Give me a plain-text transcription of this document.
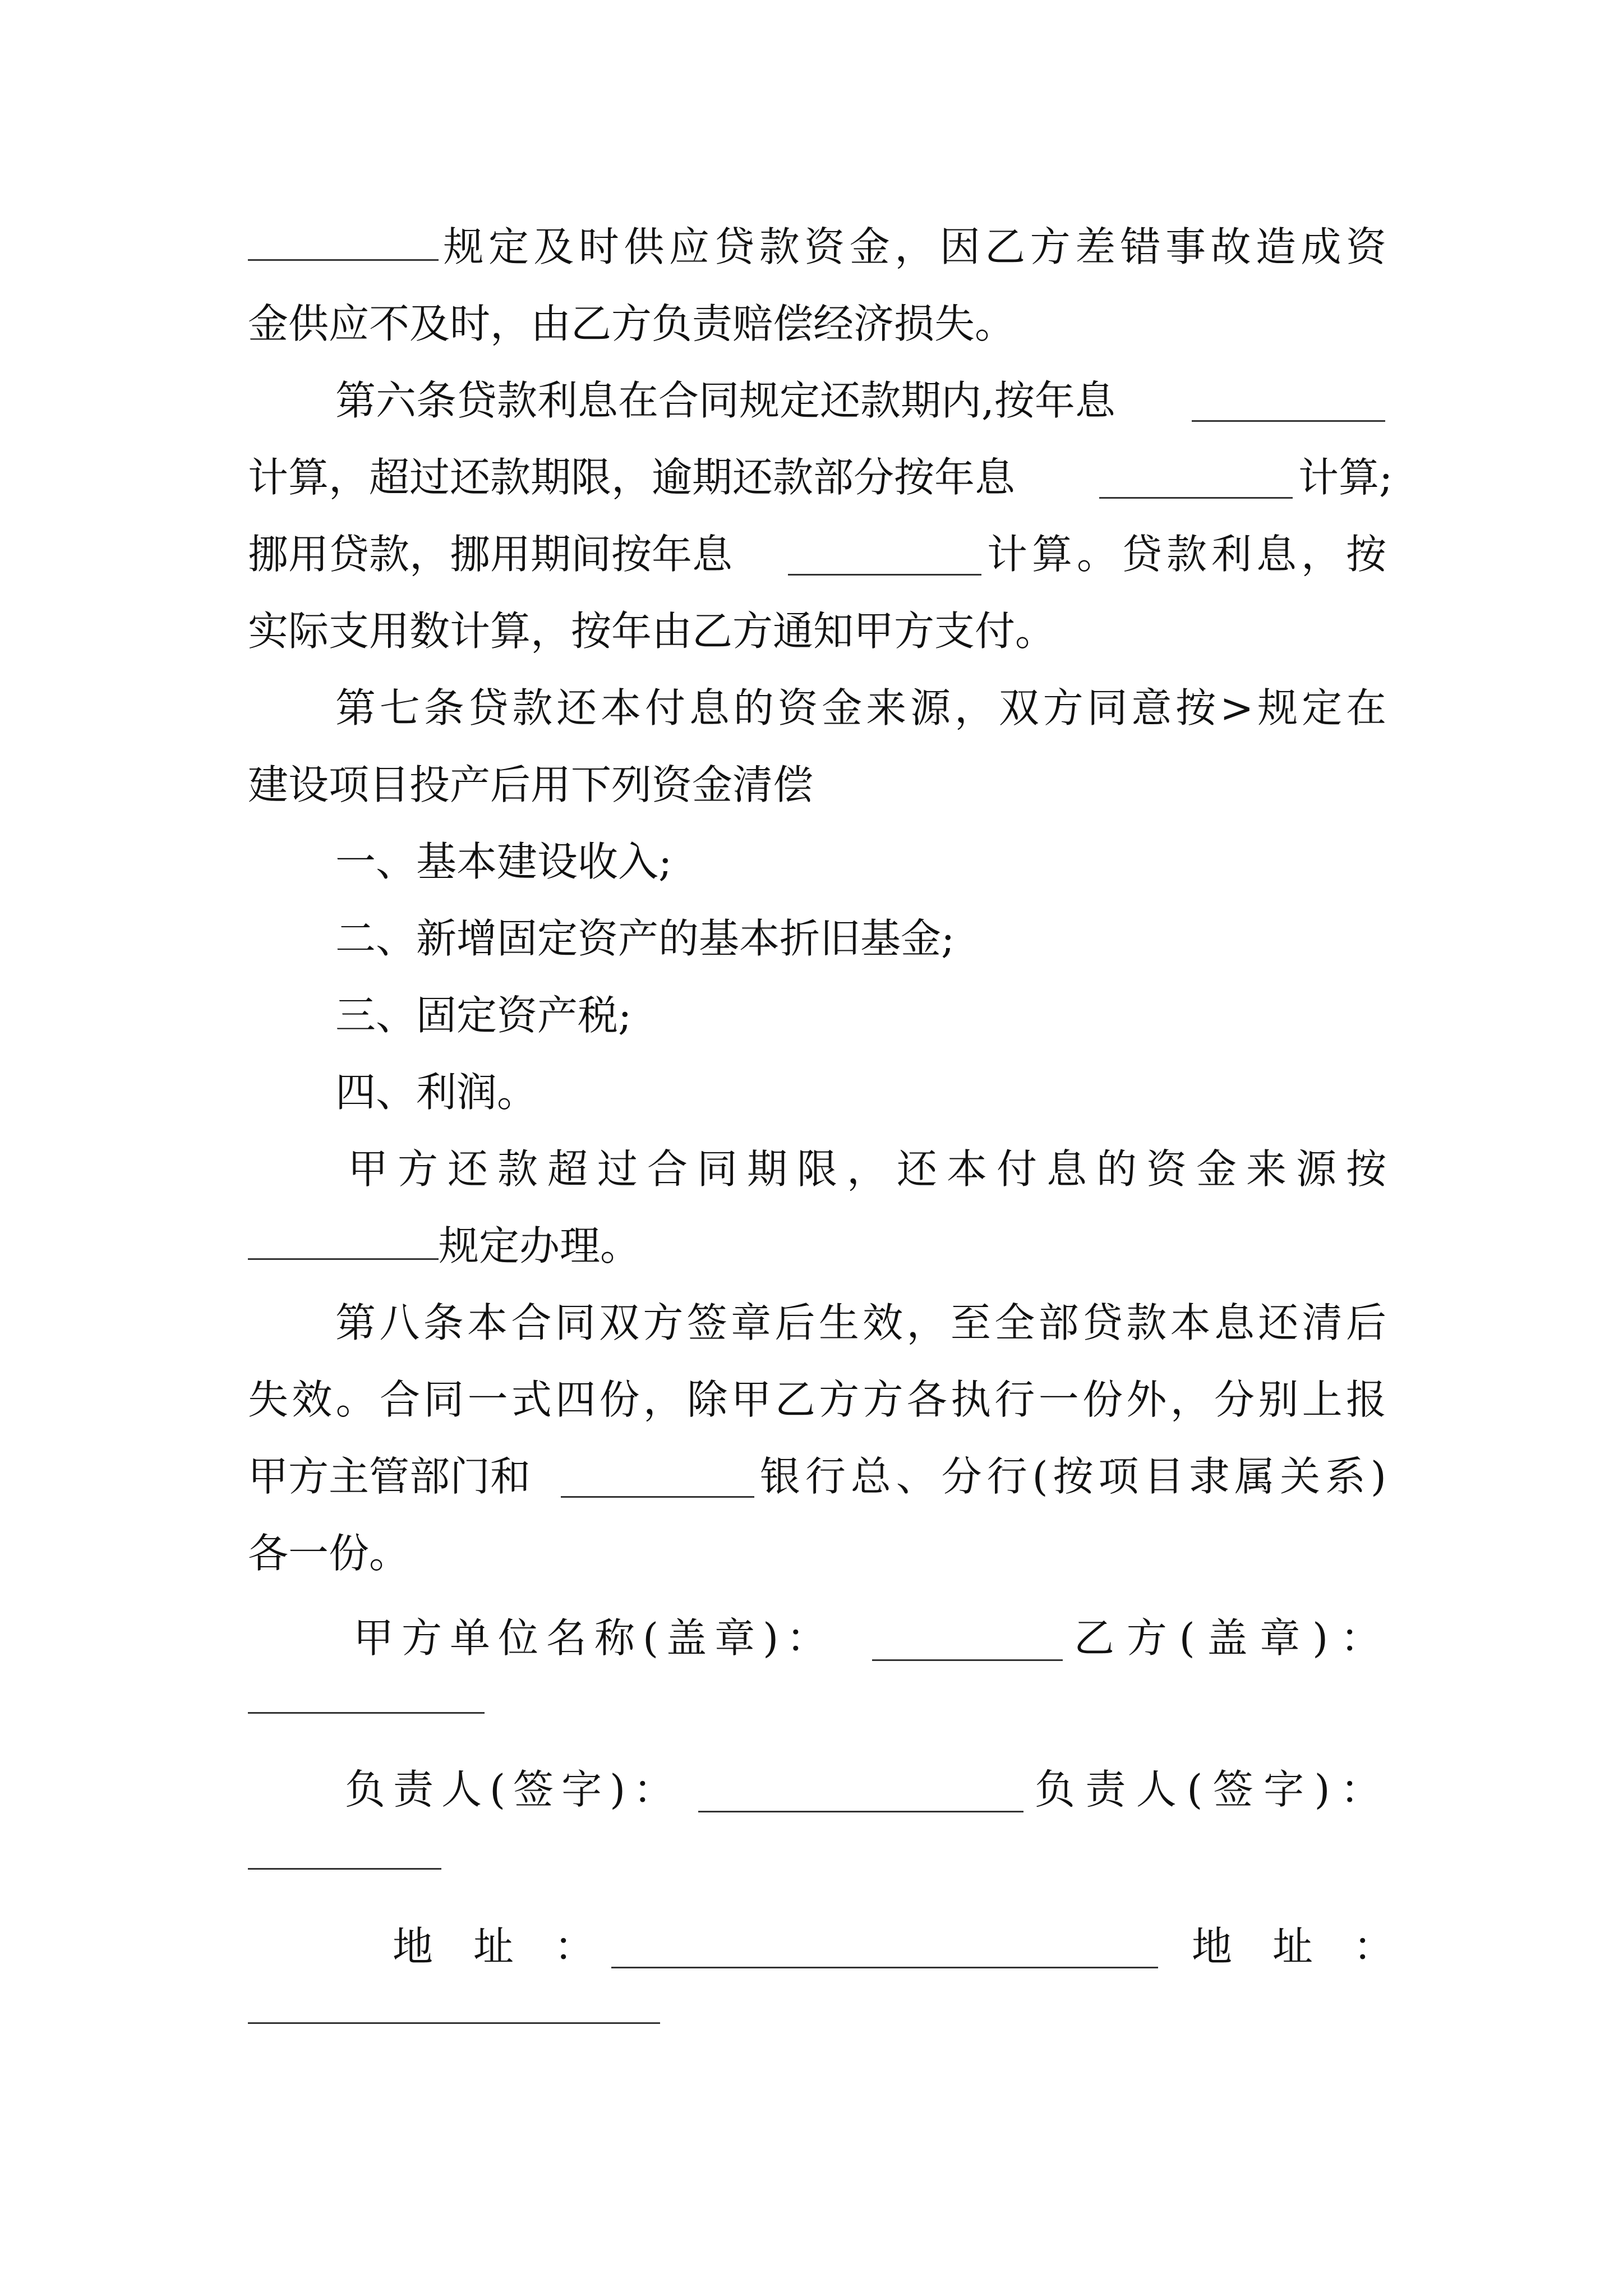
规定及时供应贷款资金，因乙方差错事故造成资
金供应不及时，由乙方负责赔偿经济损失。
第六条贷款利息在合同规定还款期内,按年息
计算，超过还款期限，逾期还款部分按年息	计算;
挪用贷款，挪用期间按年息	计算。贷款利息，按
实际支用数计算，按年由乙方通知甲方支付。
第七条贷款还本付息的资金来源，双方同意按>规定在
建设项目投产后用下列资金清偿
一、基本建设收入;
二、新增固定资产的基本折旧基金;
三、固定资产税;
四、利润。
甲方还款超过合同期限，还本付息的资金来源按
规定办理。
第八条本合同双方签章后生效，至全部贷款本息还清后
失效。合同一式四份，除甲乙方方各执行一份外，分别上报
甲方主管部门和	银行总、分行(按项目隶属关系)
各一份。
甲方单位名称(盖章)：	乙方(盖章)：
负责人(签字)：	负责人(签字)：
地　址　：	地　址　：
